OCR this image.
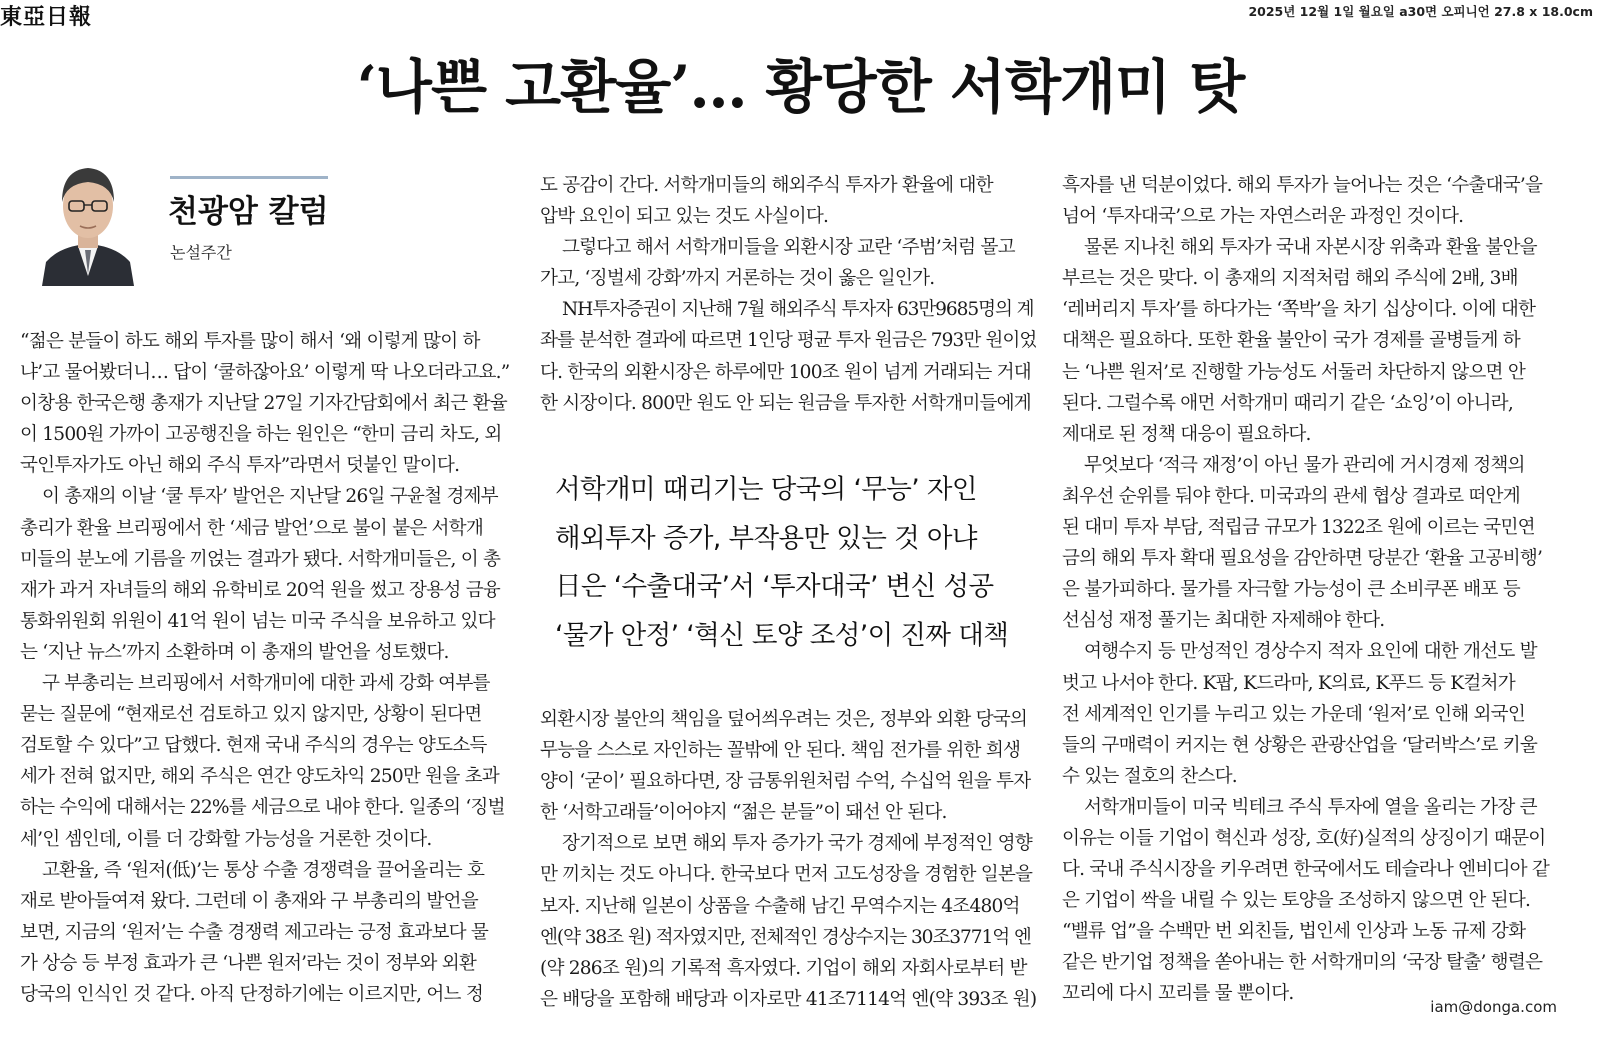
東亞日報	2025년 12월 1일 월요일 a30면 오피니언 27.8 x 18.0cm
‘나쁜 고환율’… 황당한 서학개미 탓
천광암 칼럼
논설주간
“젊은 분들이 하도 해외 투자를 많이 해서 ‘왜 이렇게 많이 하
냐’고 물어봤더니… 답이 ‘쿨하잖아요’ 이렇게 딱 나오더라고요.”
이창용 한국은행 총재가 지난달 27일 기자간담회에서 최근 환율
이 1500원 가까이 고공행진을 하는 원인은 “한미 금리 차도, 외
국인투자가도 아닌 해외 주식 투자”라면서 덧붙인 말이다.
이 총재의 이날 ‘쿨 투자’ 발언은 지난달 26일 구윤철 경제부
총리가 환율 브리핑에서 한 ‘세금 발언’으로 불이 붙은 서학개
미들의 분노에 기름을 끼얹는 결과가 됐다. 서학개미들은, 이 총
재가 과거 자녀들의 해외 유학비로 20억 원을 썼고 장용성 금융
통화위원회 위원이 41억 원이 넘는 미국 주식을 보유하고 있다
는 ‘지난 뉴스’까지 소환하며 이 총재의 발언을 성토했다.
구 부총리는 브리핑에서 서학개미에 대한 과세 강화 여부를
묻는 질문에 “현재로선 검토하고 있지 않지만, 상황이 된다면
검토할 수 있다”고 답했다. 현재 국내 주식의 경우는 양도소득
세가 전혀 없지만, 해외 주식은 연간 양도차익 250만 원을 초과
하는 수익에 대해서는 22%를 세금으로 내야 한다. 일종의 ‘징벌
세’인 셈인데, 이를 더 강화할 가능성을 거론한 것이다.
고환율, 즉 ‘원저(低)’는 통상 수출 경쟁력을 끌어올리는 호
재로 받아들여져 왔다. 그런데 이 총재와 구 부총리의 발언을
보면, 지금의 ‘원저’는 수출 경쟁력 제고라는 긍정 효과보다 물
가 상승 등 부정 효과가 큰 ‘나쁜 원저’라는 것이 정부와 외환
당국의 인식인 것 같다. 아직 단정하기에는 이르지만, 어느 정
도 공감이 간다. 서학개미들의 해외주식 투자가 환율에 대한
압박 요인이 되고 있는 것도 사실이다.
그렇다고 해서 서학개미들을 외환시장 교란 ‘주범’처럼 몰고
가고, ‘징벌세 강화’까지 거론하는 것이 옳은 일인가.
NH투자증권이 지난해 7월 해외주식 투자자 63만9685명의 계
좌를 분석한 결과에 따르면 1인당 평균 투자 원금은 793만 원이었
다. 한국의 외환시장은 하루에만 100조 원이 넘게 거래되는 거대
한 시장이다. 800만 원도 안 되는 원금을 투자한 서학개미들에게
서학개미 때리기는 당국의 ‘무능’ 자인
해외투자 증가, 부작용만 있는 것 아냐
日은 ‘수출대국’서 ‘투자대국’ 변신 성공
‘물가 안정’ ‘혁신 토양 조성’이 진짜 대책
외환시장 불안의 책임을 덮어씌우려는 것은, 정부와 외환 당국의
무능을 스스로 자인하는 꼴밖에 안 된다. 책임 전가를 위한 희생
양이 ‘굳이’ 필요하다면, 장 금통위원처럼 수억, 수십억 원을 투자
한 ‘서학고래들’이어야지 “젊은 분들”이 돼선 안 된다.
장기적으로 보면 해외 투자 증가가 국가 경제에 부정적인 영향
만 끼치는 것도 아니다. 한국보다 먼저 고도성장을 경험한 일본을
보자. 지난해 일본이 상품을 수출해 남긴 무역수지는 4조480억
엔(약 38조 원) 적자였지만, 전체적인 경상수지는 30조3771억 엔
(약 286조 원)의 기록적 흑자였다. 기업이 해외 자회사로부터 받
은 배당을 포함해 배당과 이자로만 41조7114억 엔(약 393조 원)
흑자를 낸 덕분이었다. 해외 투자가 늘어나는 것은 ‘수출대국’을
넘어 ‘투자대국’으로 가는 자연스러운 과정인 것이다.
물론 지나친 해외 투자가 국내 자본시장 위축과 환율 불안을
부르는 것은 맞다. 이 총재의 지적처럼 해외 주식에 2배, 3배
‘레버리지 투자’를 하다가는 ‘쪽박’을 차기 십상이다. 이에 대한
대책은 필요하다. 또한 환율 불안이 국가 경제를 골병들게 하
는 ‘나쁜 원저’로 진행할 가능성도 서둘러 차단하지 않으면 안
된다. 그럴수록 애먼 서학개미 때리기 같은 ‘쇼잉’이 아니라,
제대로 된 정책 대응이 필요하다.
무엇보다 ‘적극 재정’이 아닌 물가 관리에 거시경제 정책의
최우선 순위를 둬야 한다. 미국과의 관세 협상 결과로 떠안게
된 대미 투자 부담, 적립금 규모가 1322조 원에 이르는 국민연
금의 해외 투자 확대 필요성을 감안하면 당분간 ‘환율 고공비행’
은 불가피하다. 물가를 자극할 가능성이 큰 소비쿠폰 배포 등
선심성 재정 풀기는 최대한 자제해야 한다.
여행수지 등 만성적인 경상수지 적자 요인에 대한 개선도 발
벗고 나서야 한다. K팝, K드라마, K의료, K푸드 등 K컬처가
전 세계적인 인기를 누리고 있는 가운데 ‘원저’로 인해 외국인
들의 구매력이 커지는 현 상황은 관광산업을 ‘달러박스’로 키울
수 있는 절호의 찬스다.
서학개미들이 미국 빅테크 주식 투자에 열을 올리는 가장 큰
이유는 이들 기업이 혁신과 성장, 호(好)실적의 상징이기 때문이
다. 국내 주식시장을 키우려면 한국에서도 테슬라나 엔비디아 같
은 기업이 싹을 내릴 수 있는 토양을 조성하지 않으면 안 된다.
“밸류 업”을 수백만 번 외친들, 법인세 인상과 노동 규제 강화
같은 반기업 정책을 쏟아내는 한 서학개미의 ‘국장 탈출’ 행렬은
꼬리에 다시 꼬리를 물 뿐이다.
iam@donga.com
